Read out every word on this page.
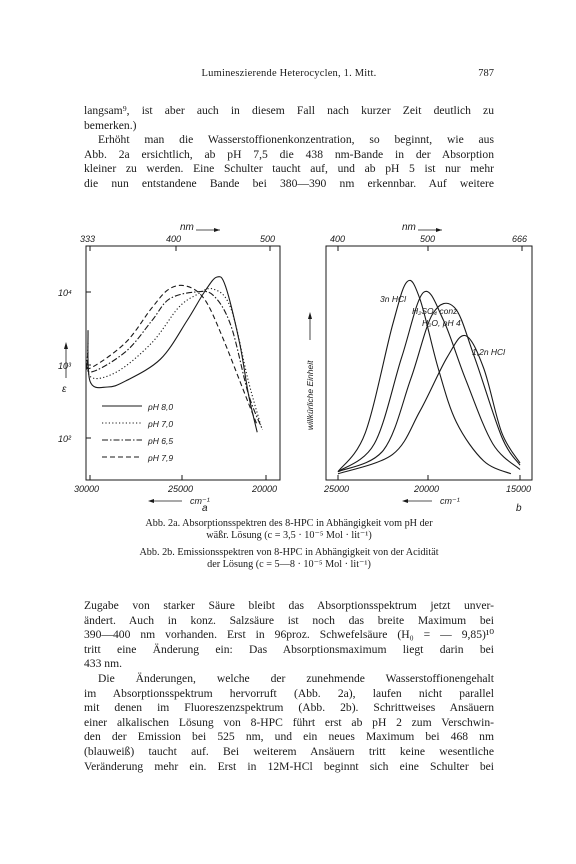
Lumineszierende Heterocyclen, 1. Mitt.	787
langsam⁹, ist aber auch in diesem Fall nach kurzer Zeit deutlich zu
bemerken.)
Erhöht man die Wasserstoffionenkonzentration, so beginnt, wie aus
Abb. 2a ersichtlich, ab pH 7,5 die 438 nm-Bande in der Absorption
kleiner zu werden. Eine Schulter taucht auf, und ab pH 5 ist nur mehr
die nun entstandene Bande bei 380—390 nm erkennbar. Auf weitere
nm
333	400	500
10⁴
10³
10²
ε
pH 8,0
pH 7,0
pH 6,5
pH 7,9
30000	25000	20000
cm⁻¹
a
nm
400	500	666
willkürliche Einheit
3n HCl
H₂SO₄ conz.
H₂O, pH 4
1,2n HCl
25000	20000	15000
cm⁻¹
b
Abb. 2a. Absorptionsspektren des 8-HPC in Abhängigkeit vom pH der
wäßr. Lösung (c = 3,5 · 10⁻⁵ Mol · lit⁻¹)
Abb. 2b. Emissionsspektren von 8-HPC in Abhängigkeit von der Acidität
der Lösung (c = 5—8 · 10⁻⁵ Mol · lit⁻¹)
Zugabe von starker Säure bleibt das Absorptionsspektrum jetzt unver-
ändert. Auch in konz. Salzsäure ist noch das breite Maximum bei
390—400 nm vorhanden. Erst in 96proz. Schwefelsäure (H₀ = — 9,85)¹⁰
tritt eine Änderung ein: Das Absorptionsmaximum liegt darin bei
433 nm.
Die Änderungen, welche der zunehmende Wasserstoffionengehalt
im Absorptionsspektrum hervorruft (Abb. 2a), laufen nicht parallel
mit denen im Fluoreszenzspektrum (Abb. 2b). Schrittweises Ansäuern
einer alkalischen Lösung von 8-HPC führt erst ab pH 2 zum Verschwin-
den der Emission bei 525 nm, und ein neues Maximum bei 468 nm
(blauweiß) taucht auf. Bei weiterem Ansäuern tritt keine wesentliche
Veränderung mehr ein. Erst in 12M-HCl beginnt sich eine Schulter bei
